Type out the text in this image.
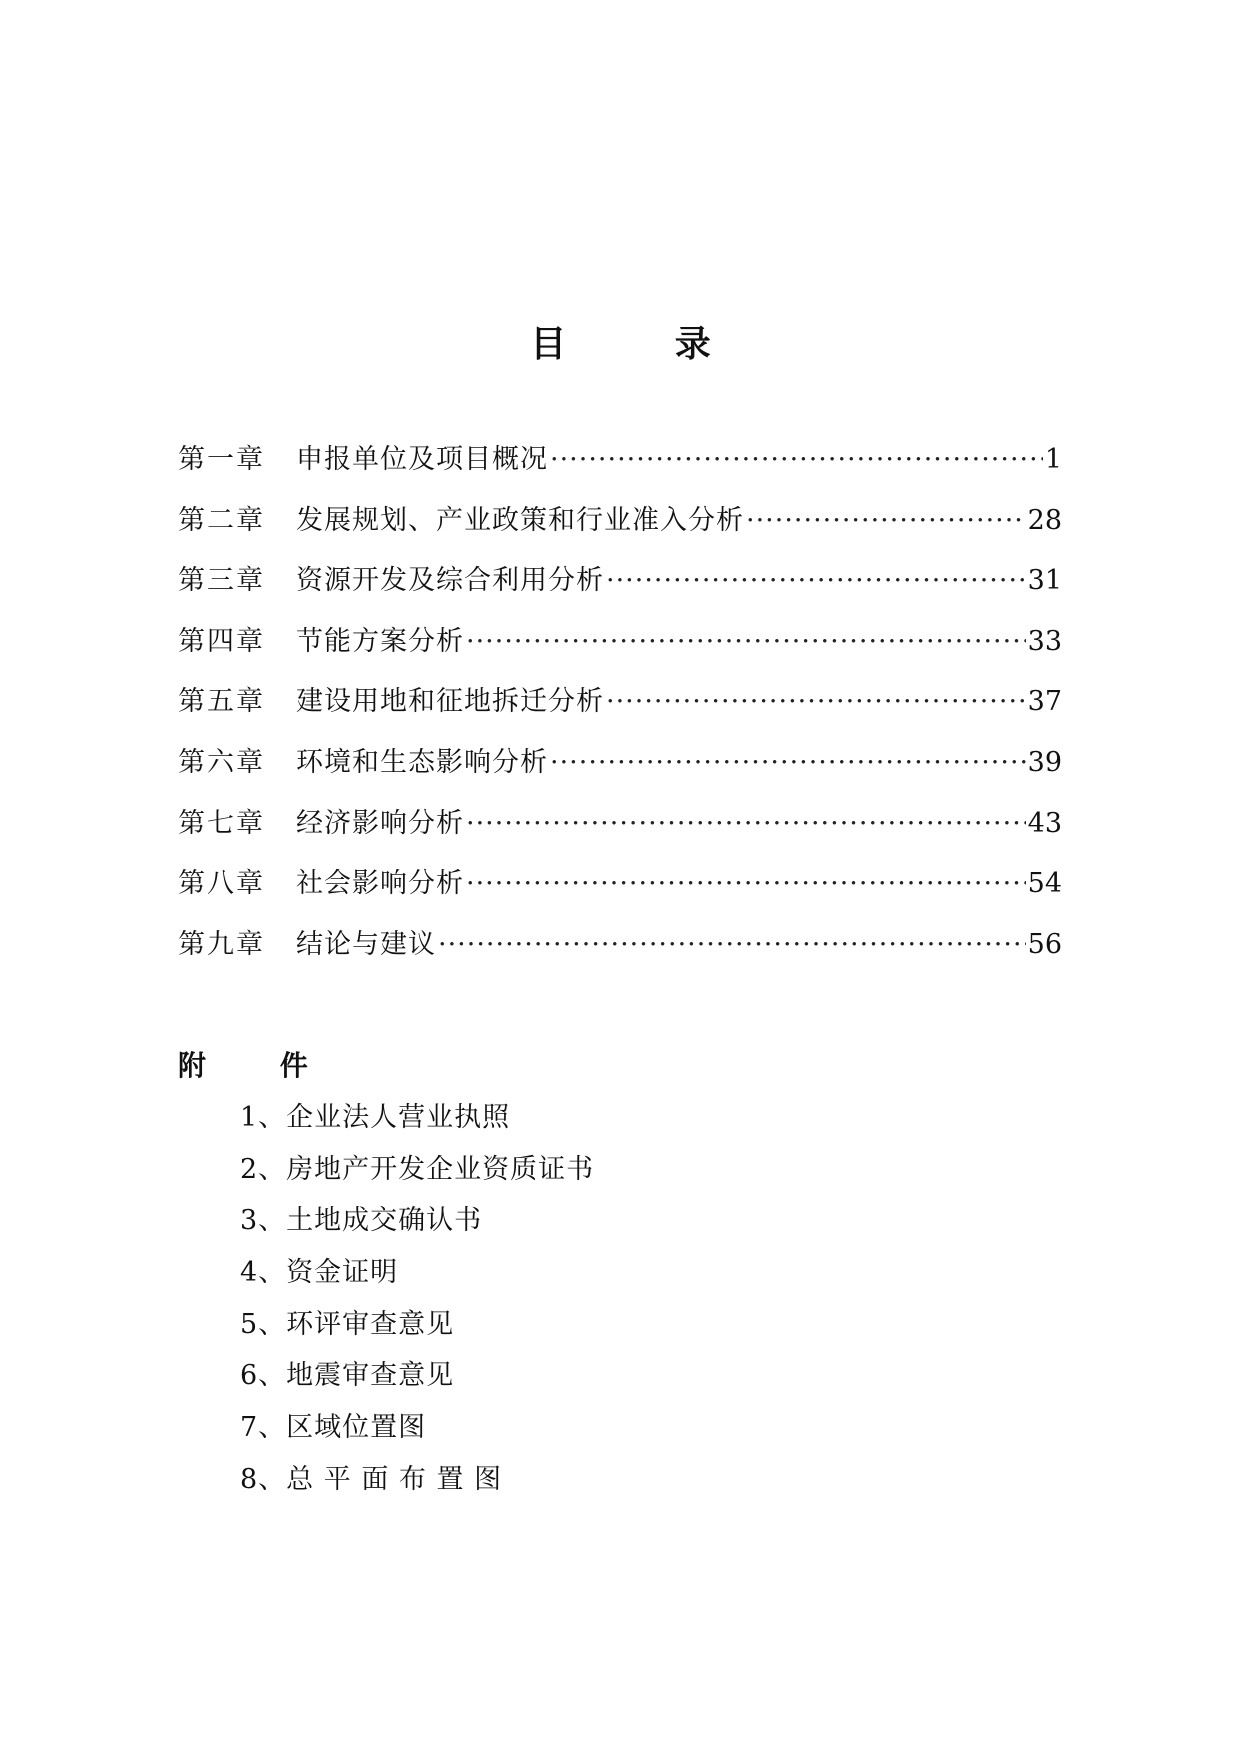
目 录
第一章	申报单位及项目概况 ·····	1
第二章	发展规划、产业政策和行业准入分析 ·····	28
第三章	资源开发及综合利用分析 ·····	31
第四章	节能方案分析 ·····	33
第五章	建设用地和征地拆迁分析 ·····	37
第六章	环境和生态影响分析 ·····	39
第七章	经济影响分析 ·····	43
第八章	社会影响分析 ·····	54
第九章	结论与建议 ·····	56
附 件
1、企业法人营业执照
2、房地产开发企业资质证书
3、土地成交确认书
4、资金证明
5、环评审查意见
6、地震审查意见
7、区域位置图
8、总 平 面 布 置 图
